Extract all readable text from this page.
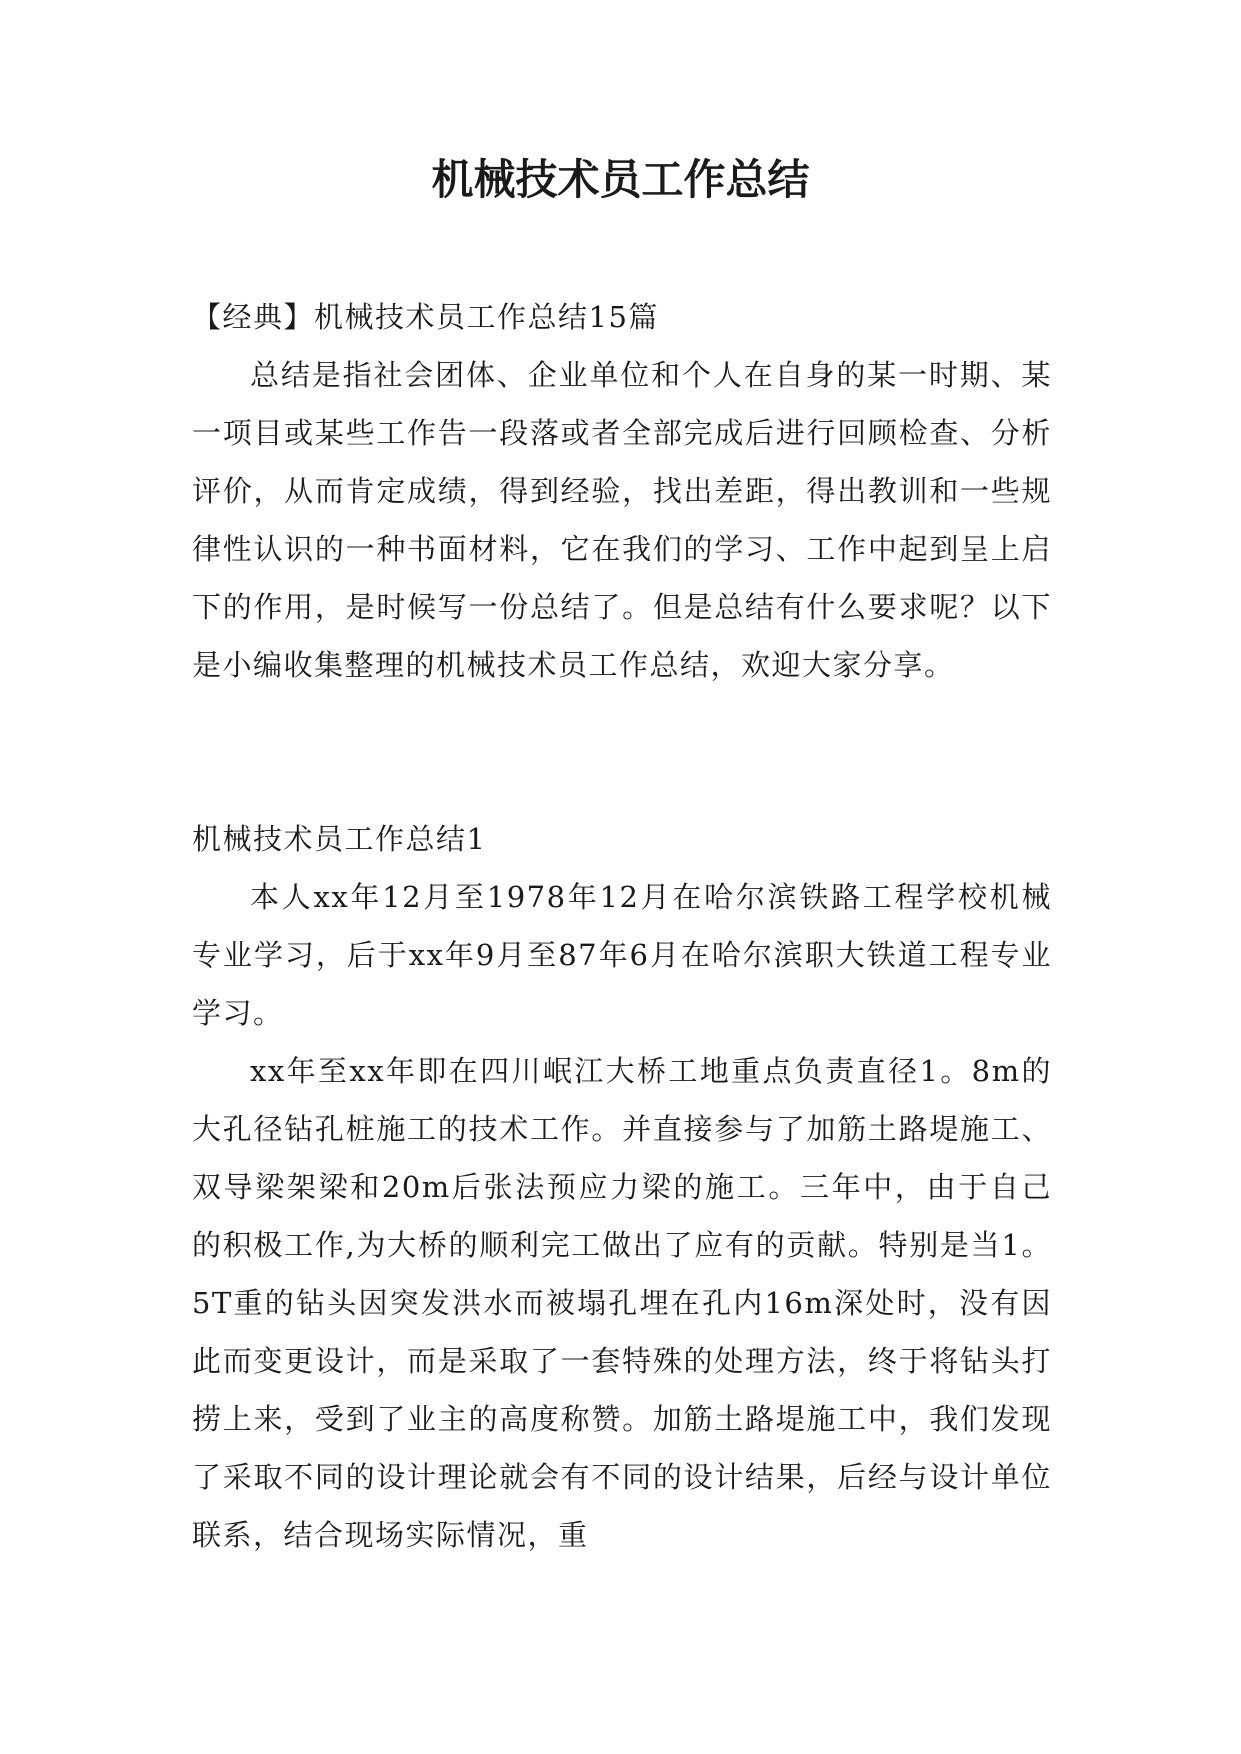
机械技术员工作总结

【经典】机械技术员工作总结15篇

总结是指社会团体、企业单位和个人在自身的某一时期、某一项目或某些工作告一段落或者全部完成后进行回顾检查、分析评价，从而肯定成绩，得到经验，找出差距，得出教训和一些规律性认识的一种书面材料，它在我们的学习、工作中起到呈上启下的作用，是时候写一份总结了。但是总结有什么要求呢？以下是小编收集整理的机械技术员工作总结，欢迎大家分享。

机械技术员工作总结1

本人xx年12月至1978年12月在哈尔滨铁路工程学校机械专业学习，后于xx年9月至87年6月在哈尔滨职大铁道工程专业学习。

xx年至xx年即在四川岷江大桥工地重点负责直径1。8m的大孔径钻孔桩施工的技术工作。并直接参与了加筋土路堤施工、双导梁架梁和20m后张法预应力梁的施工。三年中，由于自己的积极工作,为大桥的顺利完工做出了应有的贡献。特别是当1。5T重的钻头因突发洪水而被塌孔埋在孔内16m深处时，没有因此而变更设计，而是采取了一套特殊的处理方法，终于将钻头打捞上来，受到了业主的高度称赞。加筋土路堤施工中，我们发现了采取不同的设计理论就会有不同的设计结果，后经与设计单位联系，结合现场实际情况，重
